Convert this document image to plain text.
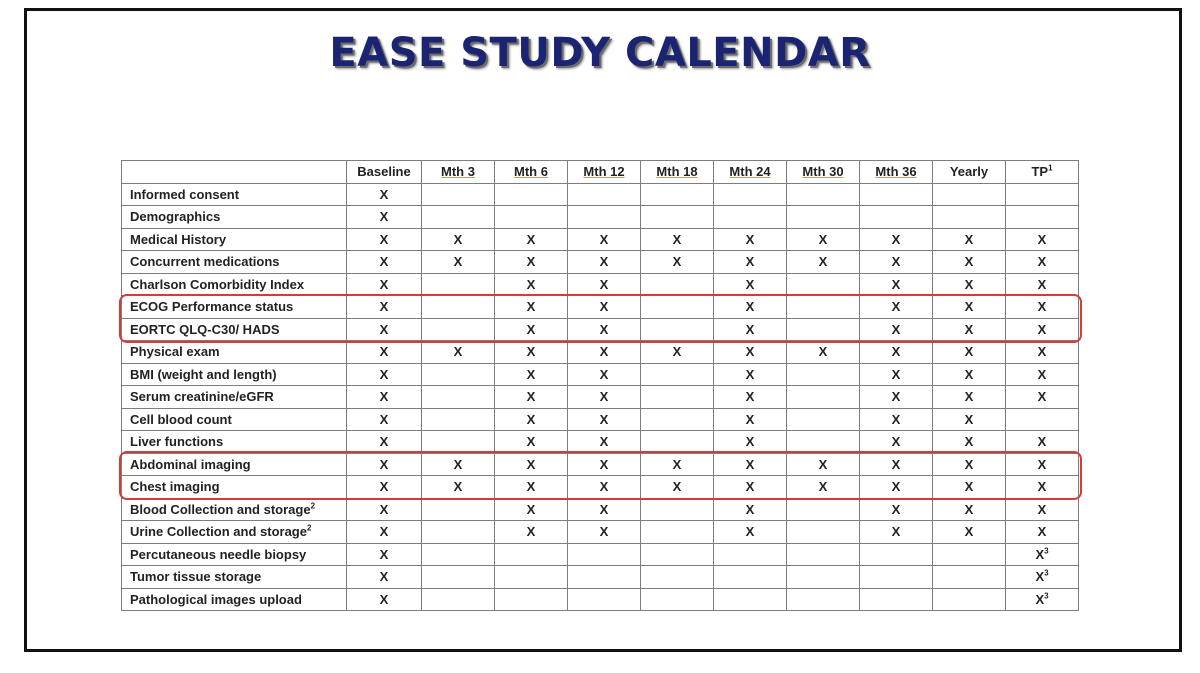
EASE STUDY CALENDAR
	Baseline	Mth 3	Mth 6	Mth 12	Mth 18	Mth 24	Mth 30	Mth 36	Yearly	$TP^1$
Informed consent	X									
Demographics	X									
Medical History	X	X	X	X	X	X	X	X	X	X
Concurrent medications	X	X	X	X	X	X	X	X	X	X
Charlson Comorbidity Index	X		X	X		X		X	X	X
ECOG Performance status	X		X	X		X		X	X	X
EORTC QLQ-C30/ HADS	X		X	X		X		X	X	X
Physical exam	X	X	X	X	X	X	X	X	X	X
BMI (weight and length)	X		X	X		X		X	X	X
Serum creatinine/eGFR	X		X	X		X		X	X	X
Cell blood count	X		X	X		X		X	X	
Liver functions	X		X	X		X		X	X	X
Abdominal imaging	X	X	X	X	X	X	X	X	X	X
Chest imaging	X	X	X	X	X	X	X	X	X	X
Blood Collection and storage$^2$	X		X	X		X		X	X	X
Urine Collection and storage$^2$	X		X	X		X		X	X	X
Percutaneous needle biopsy	X									$X^3$
Tumor tissue storage	X									$X^3$
Pathological images upload	X									$X^3$
